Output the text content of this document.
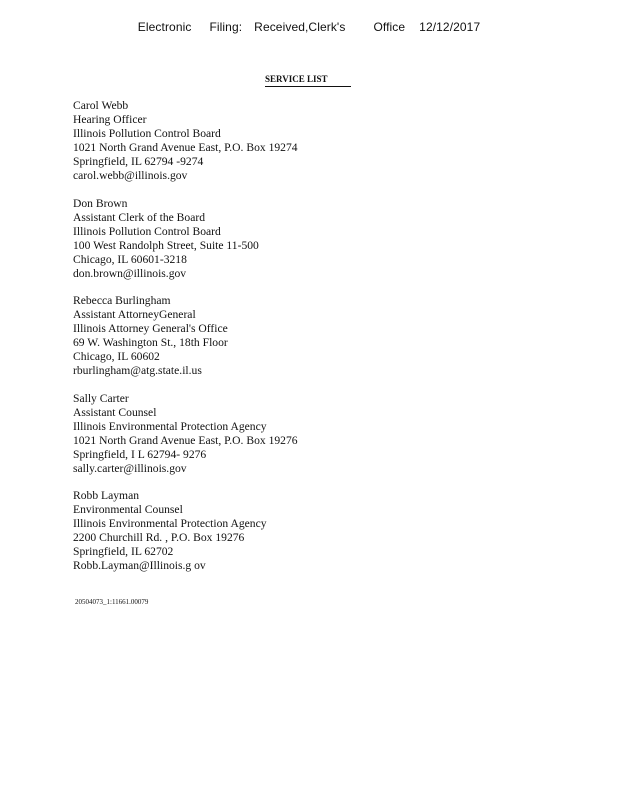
Electronic Filing: Received,Clerk's Office 12/12/2017
SERVICE LIST
Carol Webb
Hearing Officer
Illinois Pollution Control Board
1021 North Grand Avenue East, P.O. Box 19274
Springfield, IL 62794 -9274
carol.webb@illinois.gov
Don Brown
Assistant Clerk of the Board
Illinois Pollution Control Board
100 West Randolph Street, Suite 11-500
Chicago, IL 60601-3218
don.brown@illinois.gov
Rebecca Burlingham
Assistant AttorneyGeneral
Illinois Attorney General's Office
69 W. Washington St., 18th Floor
Chicago, IL 60602
rburlingham@atg.state.il.us
Sally Carter
Assistant Counsel
Illinois Environmental Protection Agency
1021 North Grand Avenue East, P.O. Box 19276
Springfield, I L 62794- 9276
sally.carter@illinois.gov
Robb Layman
Environmental Counsel
Illinois Environmental Protection Agency
2200 Churchill Rd. , P.O. Box 19276
Springfield, IL 62702
Robb.Layman@Illinois.g ov
20504073_1:11661.00079
